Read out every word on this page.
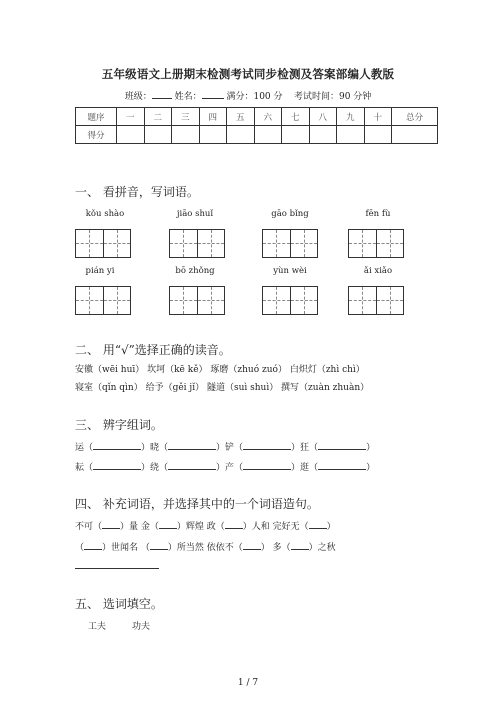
五年级语文上册期末检测考试同步检测及答案部编人教版
班级：	姓名：	满分：100 分 考试时间：90 分钟
题序	一	二	三	四	五	六	七	八	九	十	总分
得分											
一、 看拼音，写词语。
kǒu shào	jiāo shuǐ	gāo bǐng	fēn fù
pián yi	bō zhǒng	yùn wèi	ǎi xiǎo
二、 用“√”选择正确的读音。
安徽（wēi huī） 坎坷（kē kě） 琢磨（zhuó zuó） 白炽灯（zhì chì）
寝室（qǐn qìn） 给予（gěi jǐ） 隧道（suì shuì） 撰写（zuàn zhuàn）
三、 辨字组词。
运（	）晓（	）铲（	）狂（	）
耘（	）绕（	）产（	）逛（	）
四、 补充词语，并选择其中的一个词语造句。
不可（ ）量 金（ ）辉煌 政（ ）人和 完好无（ ）
（ ）世闻名 （ ）所当然 依依不（ ） 多（ ）之秋
五、 选词填空。
工夫	功夫
1 / 7
